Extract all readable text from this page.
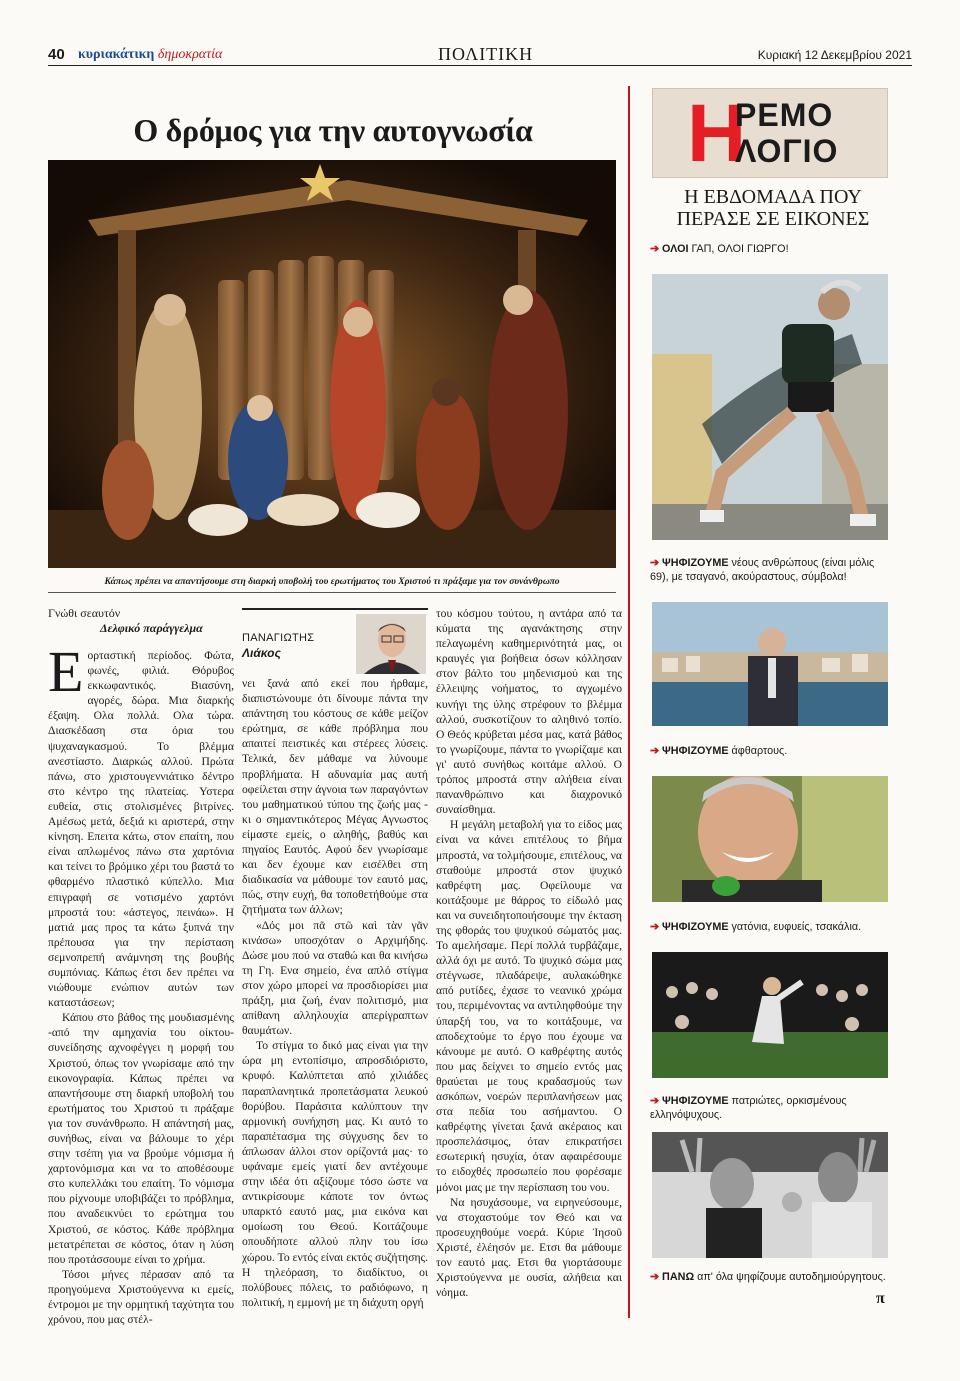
40 κυριακάτικη δημοκρατία	ΠΟΛΙΤΙΚΗ	Κυριακή 12 Δεκεμβρίου 2021
Ο δρόμος για την αυτογνωσία
Κάπως πρέπει να απαντήσουμε στη διαρκή υποβολή του ερωτήματος του Χριστού τι πράξαμε για τον συνάνθρωπο
Γνώθι σεαυτόν
Δελφικό παράγγελμα

Εορταστική περίοδος. Φώτα, φωνές, φιλιά. Θόρυβος εκκωφαντικός. Βιασύνη, αγορές, δώρα. Μια διαρκής έξαψη. Ολα πολλά. Ολα τώρα. Διασκέδαση στα όρια του ψυχαναγκασμού. Το βλέμμα ανεστίαστο. Διαρκώς αλλού. Πρώτα πάνω, στο χριστουγεννιάτικο δέντρο στο κέντρο της πλατείας. Υστερα ευθεία, στις στολισμένες βιτρίνες. Αμέσως μετά, δεξιά κι αριστερά, στην κίνηση. Επειτα κάτω, στον επαίτη, που είναι απλωμένος πάνω στα χαρτόνια και τείνει το βρόμικο χέρι του βαστά το φθαρμένο πλαστικό κύπελλο. Μια επιγραφή σε νοτισμένο χαρτόνι μπροστά του: «άστεγος, πεινάω». Η ματιά μας προς τα κάτω ξυπνά την πρέπουσα για την περίσταση σεμνοπρεπή ανάμνηση της βουβής συμπόνιας. Κάπως έτσι δεν πρέπει να νιώθουμε ενώπιον αυτών των καταστάσεων;

Κάπου στο βάθος της μουδιασμένης -από την αμηχανία του οίκτου- συνείδησης αχνοφέγγει η μορφή του Χριστού, όπως τον γνωρίσαμε από την εικονογραφία. Κάπως πρέπει να απαντήσουμε στη διαρκή υποβολή του ερωτήματος του Χριστού τι πράξαμε για τον συνάνθρωπο. Η απάντησή μας, συνήθως, είναι να βάλουμε το χέρι στην τσέπη για να βρούμε νόμισμα ή χαρτονόμισμα και να το αποθέσουμε στο κυπελλάκι του επαίτη. Το νόμισμα που ρίχνουμε υποβιβάζει το πρόβλημα, που αναδεικνύει το ερώτημα του Χριστού, σε κόστος. Κάθε πρόβλημα μετατρέπεται σε κόστος, όταν η λύση που προτάσσουμε είναι το χρήμα.

Τόσοι μήνες πέρασαν από τα προηγούμενα Χριστούγεννα κι εμείς, έντρομοι με την ορμητική ταχύτητα του χρόνου, που μας στέλ-

ΠΑΝΑΓΙΩΤΗΣ
Λιάκος

νει ξανά από εκεί που ήρθαμε, διαπιστώνουμε ότι δίνουμε πάντα την απάντηση του κόστους σε κάθε μείζον ερώτημα, σε κάθε πρόβλημα που απαιτεί πειστικές και στέρεες λύσεις. Τελικά, δεν μάθαμε να λύνουμε προβλήματα. Η αδυναμία μας αυτή οφείλεται στην άγνοια των παραγόντων του μαθηματικού τύπου της ζωής μας - κι ο σημαντικότερος Μέγας Αγνωστος είμαστε εμείς, ο αληθής, βαθύς και πηγαίος Εαυτός. Αφού δεν γνωρίσαμε και δεν έχουμε καν εισέλθει στη διαδικασία να μάθουμε τον εαυτό μας, πώς, στην ευχή, θα τοποθετήθούμε στα ζητήματα των άλλων;

«Δός μοι πᾶ στῶ καὶ τὰν γᾶν κινάσω» υποσχόταν ο Αρχιμήδης. Δώσε μου πού να σταθώ και θα κινήσω τη Γη. Ενα σημείο, ένα απλό στίγμα στον χώρο μπορεί να προσδιορίσει μια πράξη, μια ζωή, έναν πολιτισμό, μια απίθανη αλληλουχία απερίγραπτων θαυμάτων.

Το στίγμα το δικό μας είναι για την ώρα μη εντοπίσιμο, απροσδιόριστο, κρυφό. Καλύπτεται από χιλιάδες παραπλανητικά προπετάσματα λευκού θορύβου. Παράσιτα καλύπτουν την αρμονική συνήχηση μας. Κι αυτό το παραπέτασμα της σύγχυσης δεν το άπλωσαν άλλοι στον ορίζοντά μας· το υφάναμε εμείς γιατί δεν αντέχουμε στην ιδέα ότι αξίζουμε τόσο ώστε να αντικρίσουμε κάποτε τον όντως υπαρκτό εαυτό μας, μια εικόνα και ομοίωση του Θεού. Κοιτάζουμε οπουδήποτε αλλού πλην του ίσω χώρου. Το εντός είναι εκτός συζήτησης. Η τηλεόραση, το διαδίκτυο, οι πολύβουες πόλεις, το ραδιόφωνο, η πολιτική, η εμμονή με τη διάχυτη οργή

του κόσμου τούτου, η αντάρα από τα κύματα της αγανάκτησης στην πελαγωμένη καθημερινότητά μας, οι κραυγές για βοήθεια όσων κόλλησαν στον βάλτο του μηδενισμού και της έλλειψης νοήματος, το αγχωμένο κυνήγι της ύλης στρέφουν το βλέμμα αλλού, συσκοτίζουν το αληθινό τοπίο. Ο Θεός κρύβεται μέσα μας, κατά βάθος το γνωρίζουμε, πάντα το γνωρίζαμε και γι' αυτό συνήθως κοιτάμε αλλού. Ο τρόπος μπροστά στην αλήθεια είναι πανανθρώπινο και διαχρονικό συναίσθημα.

Η μεγάλη μεταβολή για το είδος μας είναι να κάνει επιτέλους το βήμα μπροστά, να τολμήσουμε, επιτέλους, να σταθούμε μπροστά στον ψυχικό καθρέφτη μας. Οφείλουμε να κοιτάξουμε με θάρρος το είδωλό μας και να συνειδητοποιήσουμε την έκταση της φθοράς του ψυχικού σώματός μας. Το αμελήσαμε. Περί πολλά τυρβάζαμε, αλλά όχι με αυτό. Το ψυχικό σώμα μας στέγνωσε, πλαδάρεψε, αυλακώθηκε από ρυτίδες, έχασε το νεανικό χρώμα του, περιμένοντας να αντιληφθούμε την ύπαρξή του, να το κοιτάξουμε, να αποδεχτούμε το έργο που έχουμε να κάνουμε με αυτό. Ο καθρέφτης αυτός που μας δείχνει το σημείο εντός μας θραύεται με τους κραδασμούς των ασκόπων, νοερών περιπλανήσεων μας στα πεδία του ασήμαντου. Ο καθρέφτης γίνεται ξανά ακέραιος και προσπελάσιμος, όταν επικρατήσει εσωτερική ησυχία, όταν αφαιρέσουμε το ειδοχθές προσωπείο που φορέσαμε μόνοι μας με την περίσπαση του νου.

Να ησυχάσουμε, να ειρηνεύσουμε, να στοχαστούμε τον Θεό και να προσευχηθούμε νοερά. Κύριε Ἰησοῦ Χριστέ, ἐλέησόν με. Ετσι θα μάθουμε τον εαυτό μας. Ετσι θα γιορτάσουμε Χριστούγεννα με ουσία, αλήθεια και νόημα.

Η
ΡΕΜΟ
ΛΟΓΙΟ
Η ΕΒΔΟΜΑΔΑ ΠΟΥ
ΠΕΡΑΣΕ ΣΕ ΕΙΚΟΝΕΣ
➔ ΟΛΟΙ ΓΑΠ, ΟΛΟΙ ΓΙΩΡΓΟ!
➔ ΨΗΦΙΖΟΥΜΕ νέους ανθρώπους (είναι μόλις 69), με τσαγανό, ακούραστους, σύμβολα!
➔ ΨΗΦΙΖΟΥΜΕ άφθαρτους.
➔ ΨΗΦΙΖΟΥΜΕ γατόνια, ευφυείς, τσακάλια.
➔ ΨΗΦΙΖΟΥΜΕ πατριώτες, ορκισμένους ελληνόψυχους.
➔ ΠΑΝΩ απ' όλα ψηφίζουμε αυτοδημιούργητους.
π
